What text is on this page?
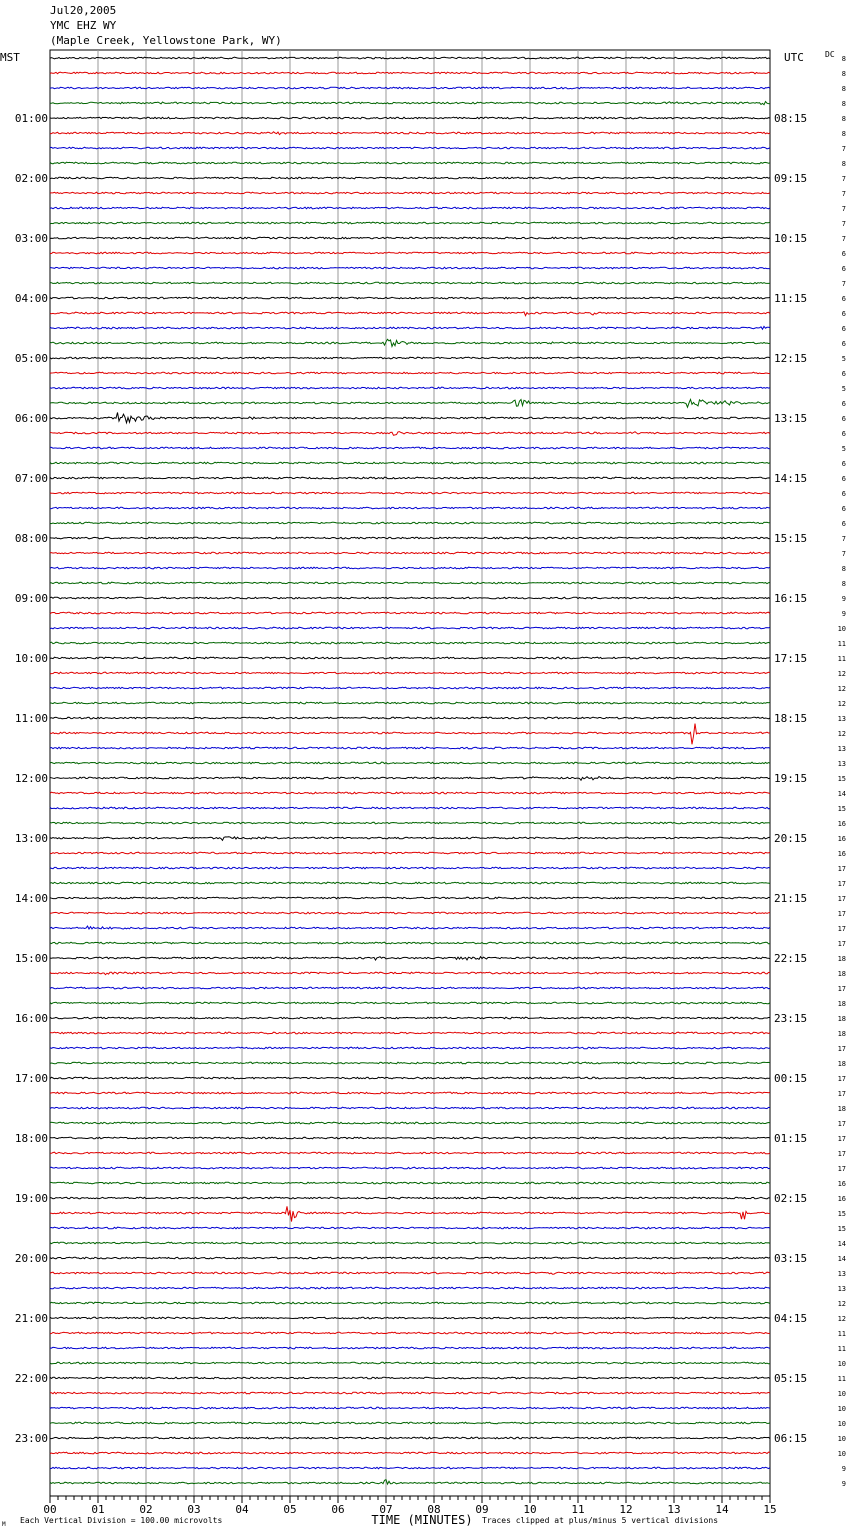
Jul20,2005
YMC EHZ WY
(Maple Creek, Yellowstone Park, WY)
MST	UTC	DC
TIME (MINUTES)
Each Vertical Division = 100.00 microvolts	Traces clipped at plus/minus 5 vertical divisions
M
8
8
8
8
8
8
7
8
7
7
7
7
7
6
6
7
6
6
6
6
5
6
5
6
6
6
5
6
6
6
6
6
7
7
8
8
9
9
10
11
11
12
12
12
13
12
13
13
15
14
15
16
16
16
17
17
17
17
17
17
18
18
17
18
18
18
17
18
17
17
18
17
17
17
17
16
16
15
15
14
14
13
13
12
12
11
11
10
11
10
10
10
10
10
9
9
01:00	08:15
02:00	09:15
03:00	10:15
04:00	11:15
05:00	12:15
06:00	13:15
07:00	14:15
08:00	15:15
09:00	16:15
10:00	17:15
11:00	18:15
12:00	19:15
13:00	20:15
14:00	21:15
15:00	22:15
16:00	23:15
17:00	00:15
18:00	01:15
19:00	02:15
20:00	03:15
21:00	04:15
22:00	05:15
23:00	06:15
00	01	02	03	04	05	06	07	08	09	10	11	12	13	14	15
